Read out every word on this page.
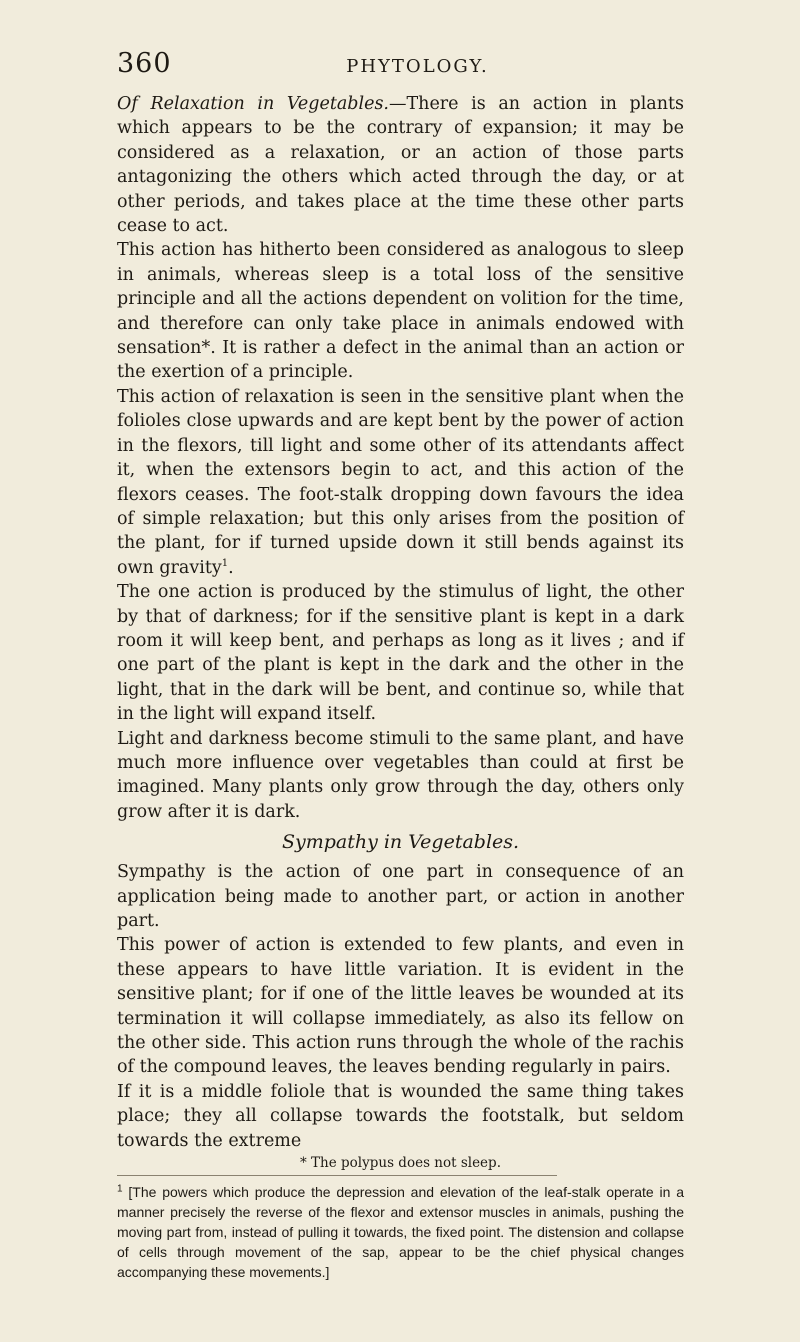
360	PHYTOLOGY.

Of Relaxation in Vegetables.—There is an action in plants which appears to be the contrary of expansion; it may be considered as a relaxation, or an action of those parts antagonizing the others which acted through the day, or at other periods, and takes place at the time these other parts cease to act.

This action has hitherto been considered as analogous to sleep in animals, whereas sleep is a total loss of the sensitive principle and all the actions dependent on volition for the time, and therefore can only take place in animals endowed with sensation*. It is rather a defect in the animal than an action or the exertion of a principle.

This action of relaxation is seen in the sensitive plant when the folioles close upwards and are kept bent by the power of action in the flexors, till light and some other of its attendants affect it, when the extensors begin to act, and this action of the flexors ceases. The foot-stalk dropping down favours the idea of simple relaxation; but this only arises from the position of the plant, for if turned upside down it still bends against its own gravity$^1$.

The one action is produced by the stimulus of light, the other by that of darkness; for if the sensitive plant is kept in a dark room it will keep bent, and perhaps as long as it lives ; and if one part of the plant is kept in the dark and the other in the light, that in the dark will be bent, and continue so, while that in the light will expand itself.

Light and darkness become stimuli to the same plant, and have much more influence over vegetables than could at first be imagined. Many plants only grow through the day, others only grow after it is dark.

Sympathy in Vegetables.

Sympathy is the action of one part in consequence of an application being made to another part, or action in another part.

This power of action is extended to few plants, and even in these appears to have little variation. It is evident in the sensitive plant; for if one of the little leaves be wounded at its termination it will collapse immediately, as also its fellow on the other side. This action runs through the whole of the rachis of the compound leaves, the leaves bending regularly in pairs.

If it is a middle foliole that is wounded the same thing takes place; they all collapse towards the footstalk, but seldom towards the extreme

* The polypus does not sleep.

$^1$ [The powers which produce the depression and elevation of the leaf-stalk operate in a manner precisely the reverse of the flexor and extensor muscles in animals, pushing the moving part from, instead of pulling it towards, the fixed point. The distension and collapse of cells through movement of the sap, appear to be the chief physical changes accompanying these movements.]
